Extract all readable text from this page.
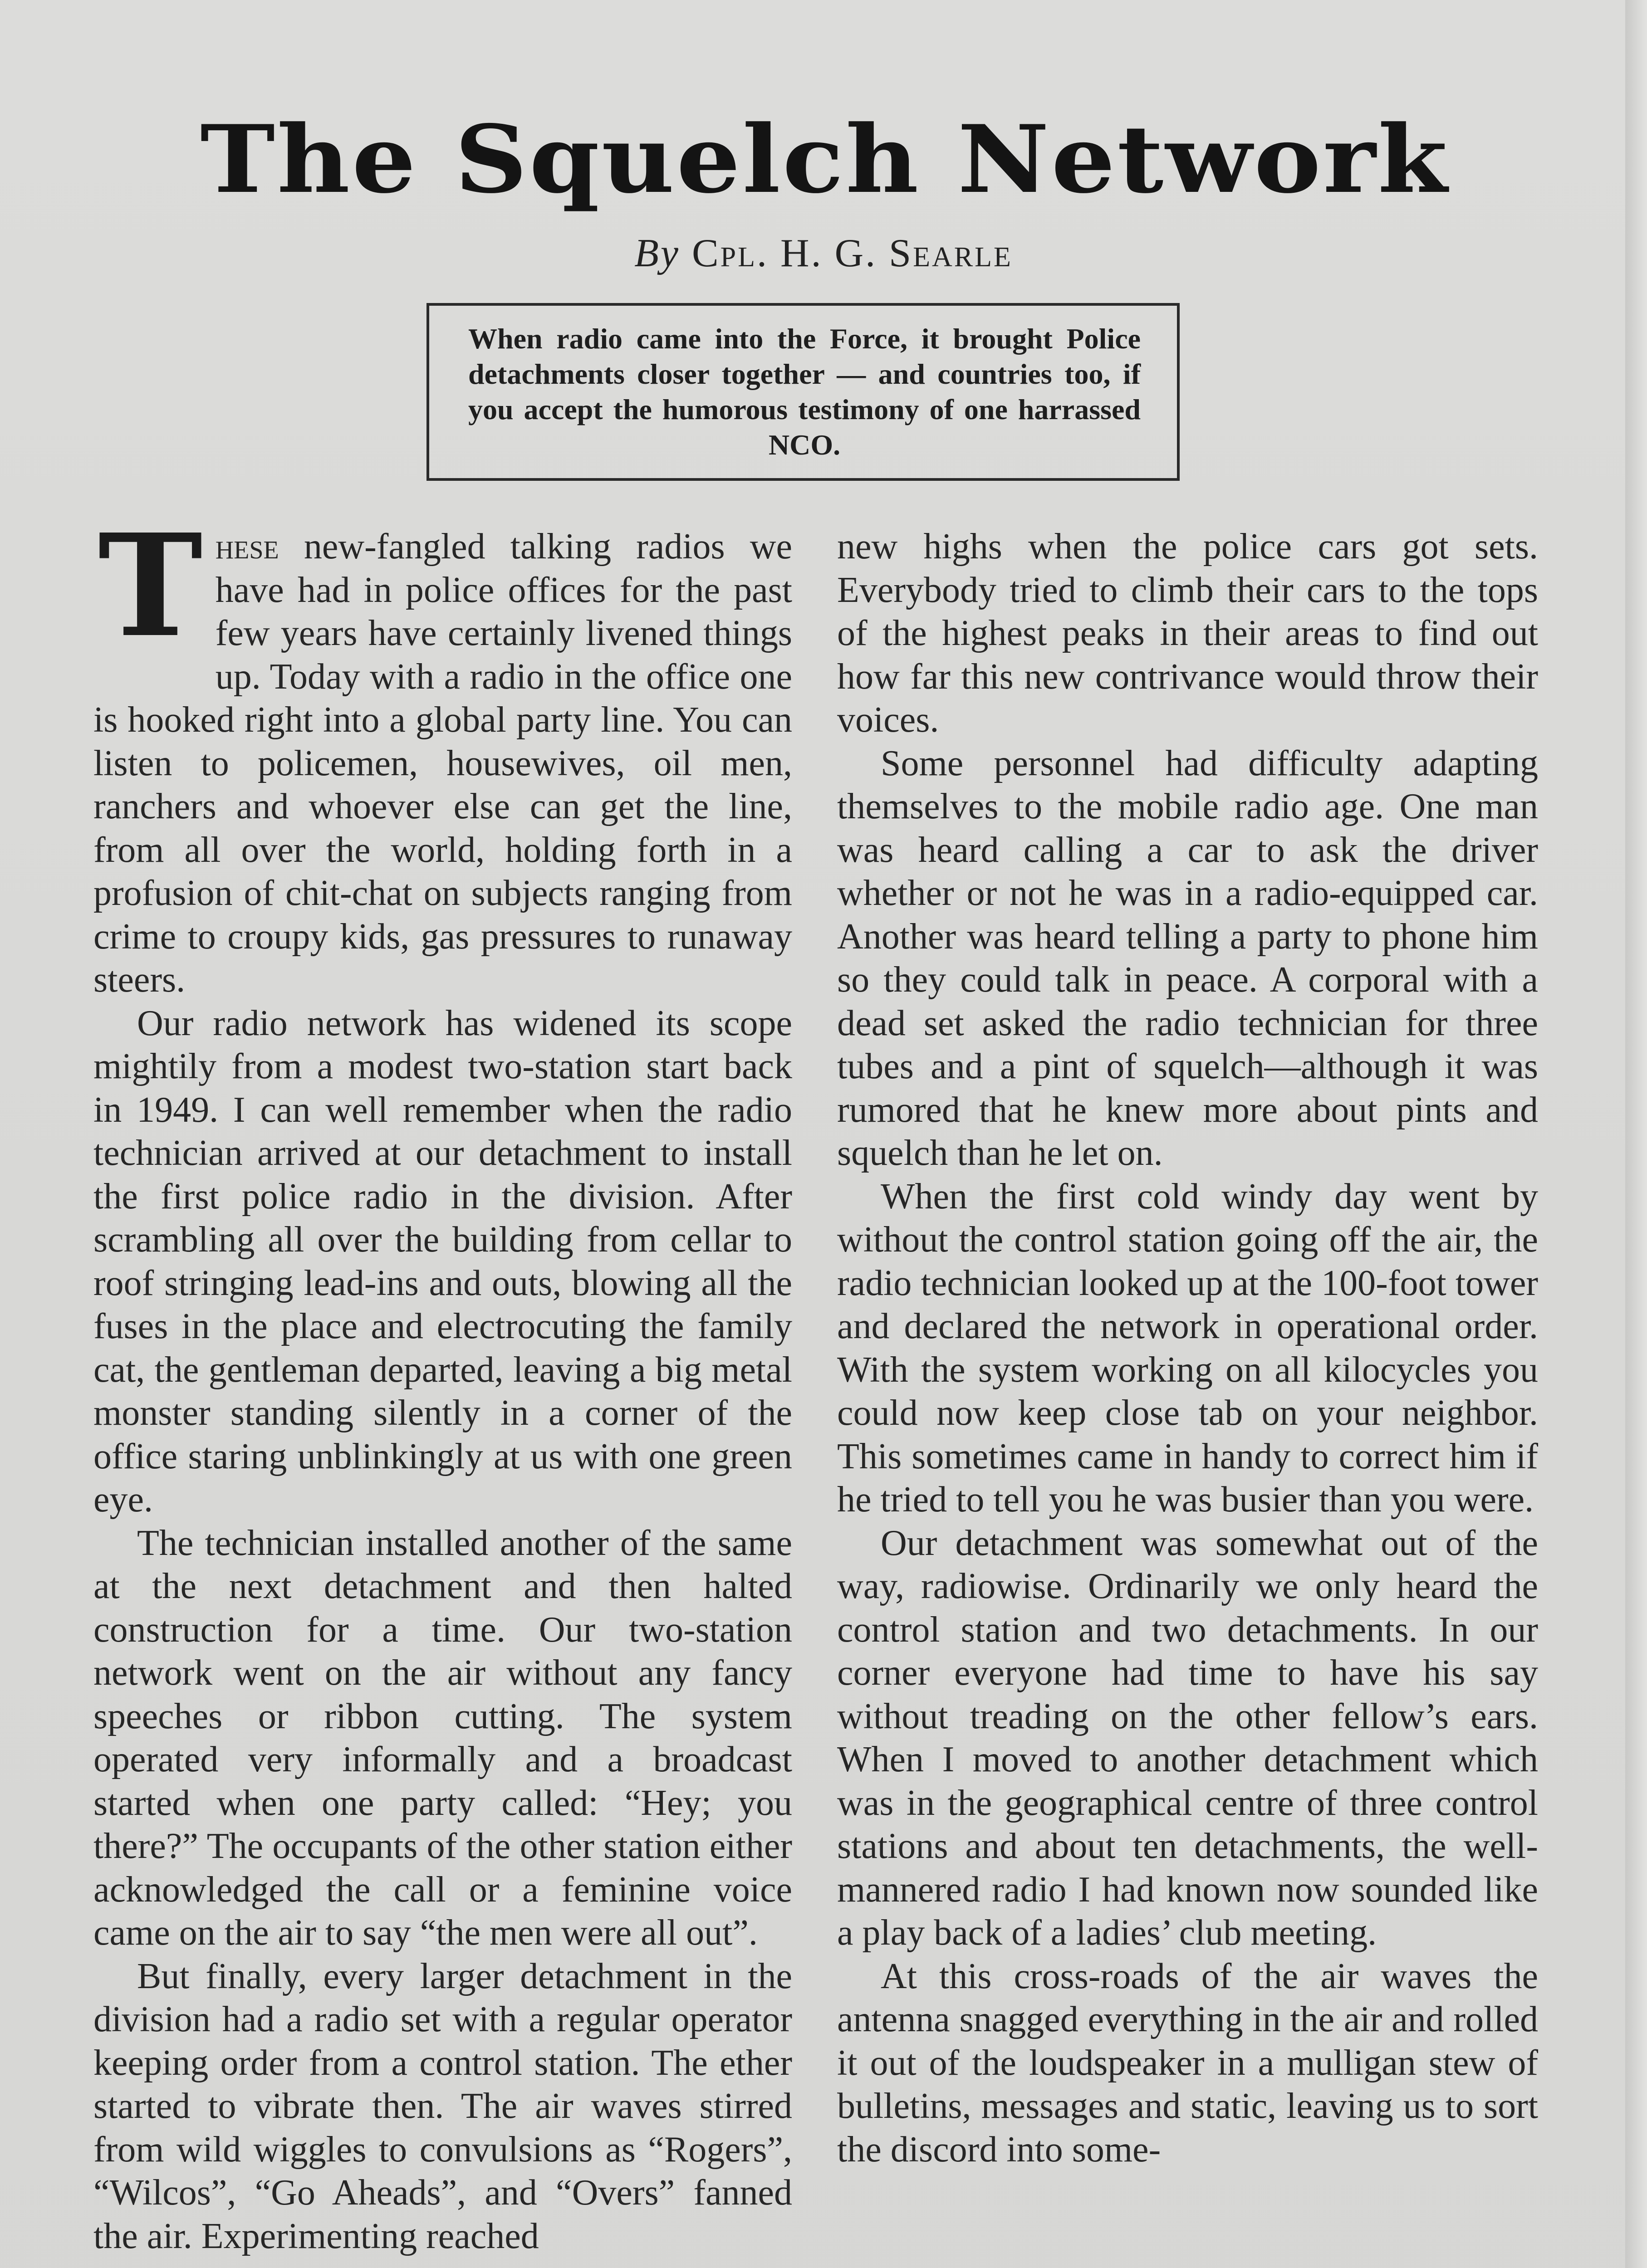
The Squelch Network
By Cpl. H. G. Searle
When radio came into the Force, it brought Police detachments closer together — and countries too, if you accept the humorous testimony of one harrassed NCO.

T hese new-fangled talking radios we have had in police offices for the past few years have certainly livened things up. Today with a radio in the office one is hooked right into a global party line. You can listen to policemen, housewives, oil men, ranchers and whoever else can get the line, from all over the world, holding forth in a profusion of chit-chat on subjects ranging from crime to croupy kids, gas pressures to runaway steers.

Our radio network has widened its scope mightily from a modest two-station start back in 1949. I can well remember when the radio technician arrived at our detachment to install the first police radio in the division. After scrambling all over the building from cellar to roof stringing lead-ins and outs, blowing all the fuses in the place and electrocuting the family cat, the gentleman departed, leaving a big metal monster standing silently in a corner of the office staring unblinkingly at us with one green eye.

The technician installed another of the same at the next detachment and then halted construction for a time. Our two-station network went on the air without any fancy speeches or ribbon cutting. The system operated very informally and a broadcast started when one party called: “Hey; you there?” The occupants of the other station either acknowledged the call or a feminine voice came on the air to say “the men were all out”.

But finally, every larger detachment in the division had a radio set with a regular operator keeping order from a control station. The ether started to vibrate then. The air waves stirred from wild wiggles to convulsions as “Rogers”, “Wilcos”, “Go Aheads”, and “Overs” fanned the air. Experimenting reached

new highs when the police cars got sets. Everybody tried to climb their cars to the tops of the highest peaks in their areas to find out how far this new contrivance would throw their voices.

Some personnel had difficulty adapting themselves to the mobile radio age. One man was heard calling a car to ask the driver whether or not he was in a radio-equipped car. Another was heard telling a party to phone him so they could talk in peace. A corporal with a dead set asked the radio technician for three tubes and a pint of squelch—although it was rumored that he knew more about pints and squelch than he let on.

When the first cold windy day went by without the control station going off the air, the radio technician looked up at the 100-foot tower and declared the network in operational order. With the system working on all kilocycles you could now keep close tab on your neighbor. This sometimes came in handy to correct him if he tried to tell you he was busier than you were.

Our detachment was somewhat out of the way, radiowise. Ordinarily we only heard the control station and two detachments. In our corner everyone had time to have his say without treading on the other fellow’s ears. When I moved to another detachment which was in the geographical centre of three control stations and about ten detachments, the well-mannered radio I had known now sounded like a play back of a ladies’ club meeting.

At this cross-roads of the air waves the antenna snagged everything in the air and rolled it out of the loudspeaker in a mulligan stew of bulletins, messages and static, leaving us to sort the discord into some-
